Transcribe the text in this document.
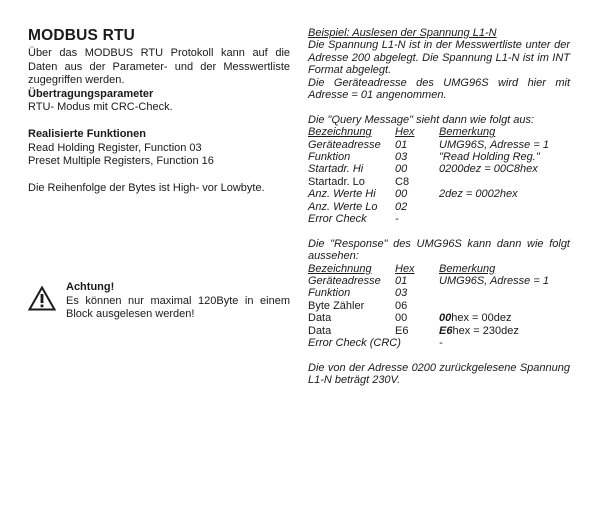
MODBUS RTU
Über das MODBUS RTU Protokoll kann auf die Daten aus der Parameter- und der Messwertliste zugegriffen werden.
Übertragungsparameter
RTU- Modus mit CRC-Check.
Realisierte Funktionen
Read Holding Register, Function 03
Preset Multiple Registers, Function 16
Die Reihenfolge der Bytes ist High- vor Lowbyte.
Achtung!
Es können nur maximal 120Byte in einem Block ausgelesen werden!
Beispiel: Auslesen der Spannung L1-N
Die Spannung L1-N ist in der Messwertliste unter der Adresse 200 abgelegt. Die Spannung L1-N ist im INT Format abgelegt.
Die Geräteadresse des UMG96S wird hier mit Adresse = 01 angenommen.
Die "Query Message" sieht dann wie folgt aus:
Bezeichnung Hex Bemerkung
Geräteadresse 01	UMG96S, Adresse = 1
Funktion	03	"Read Holding Reg."
Startadr. Hi	00	0200dez = 00C8hex
Startadr. Lo	C8
Anz. Werte Hi 00	2dez = 0002hex
Anz. Werte Lo 02
Error Check	-
Die "Response" des UMG96S kann dann wie folgt aussehen:
Bezeichnung Hex Bemerkung
Geräteadresse 01	UMG96S, Adresse = 1
Funktion	03
Byte Zähler	06
Data	00	00hex = 00dez
Data	E6	E6hex = 230dez
Error Check (CRC)	-
Die von der Adresse 0200 zurückgelesene Spannung L1-N beträgt 230V.
